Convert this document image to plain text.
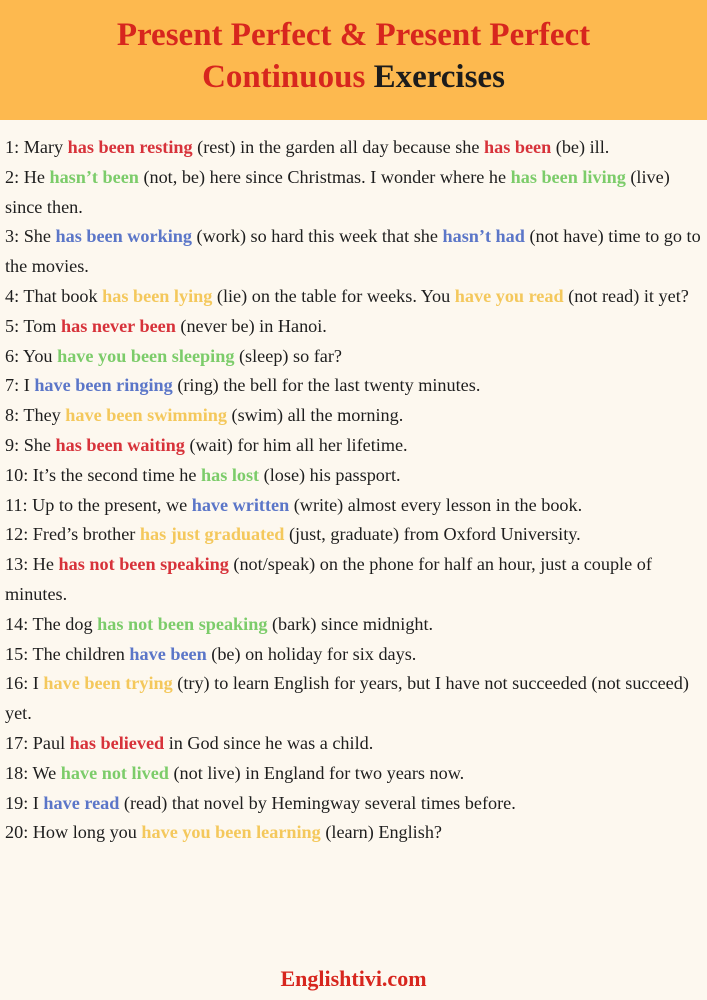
Present Perfect & Present Perfect
Continuous Exercises

1: Mary has been resting (rest) in the garden all day because she has been (be) ill.

2: He hasn’t been (not, be) here since Christmas. I wonder where he has been living (live) since then.

3: She has been working (work) so hard this week that she hasn’t had (not have) time to go to the movies.

4: That book has been lying (lie) on the table for weeks. You have you read (not read) it yet?

5: Tom has never been (never be) in Hanoi.

6: You have you been sleeping (sleep) so far?

7: I have been ringing (ring) the bell for the last twenty minutes.

8: They have been swimming (swim) all the morning.

9: She has been waiting (wait) for him all her lifetime.

10: It’s the second time he has lost (lose) his passport.

11: Up to the present, we have written (write) almost every lesson in the book.

12: Fred’s brother has just graduated (just, graduate) from Oxford University.

13: He has not been speaking (not/speak) on the phone for half an hour, just a couple of minutes.

14: The dog has not been speaking (bark) since midnight.

15: The children have been (be) on holiday for six days.

16: I have been trying (try) to learn English for years, but I have not succeeded (not succeed) yet.

17: Paul has believed in God since he was a child.

18: We have not lived (not live) in England for two years now.

19: I have read (read) that novel by Hemingway several times before.

20: How long you have you been learning (learn) English?

Englishtivi.com
